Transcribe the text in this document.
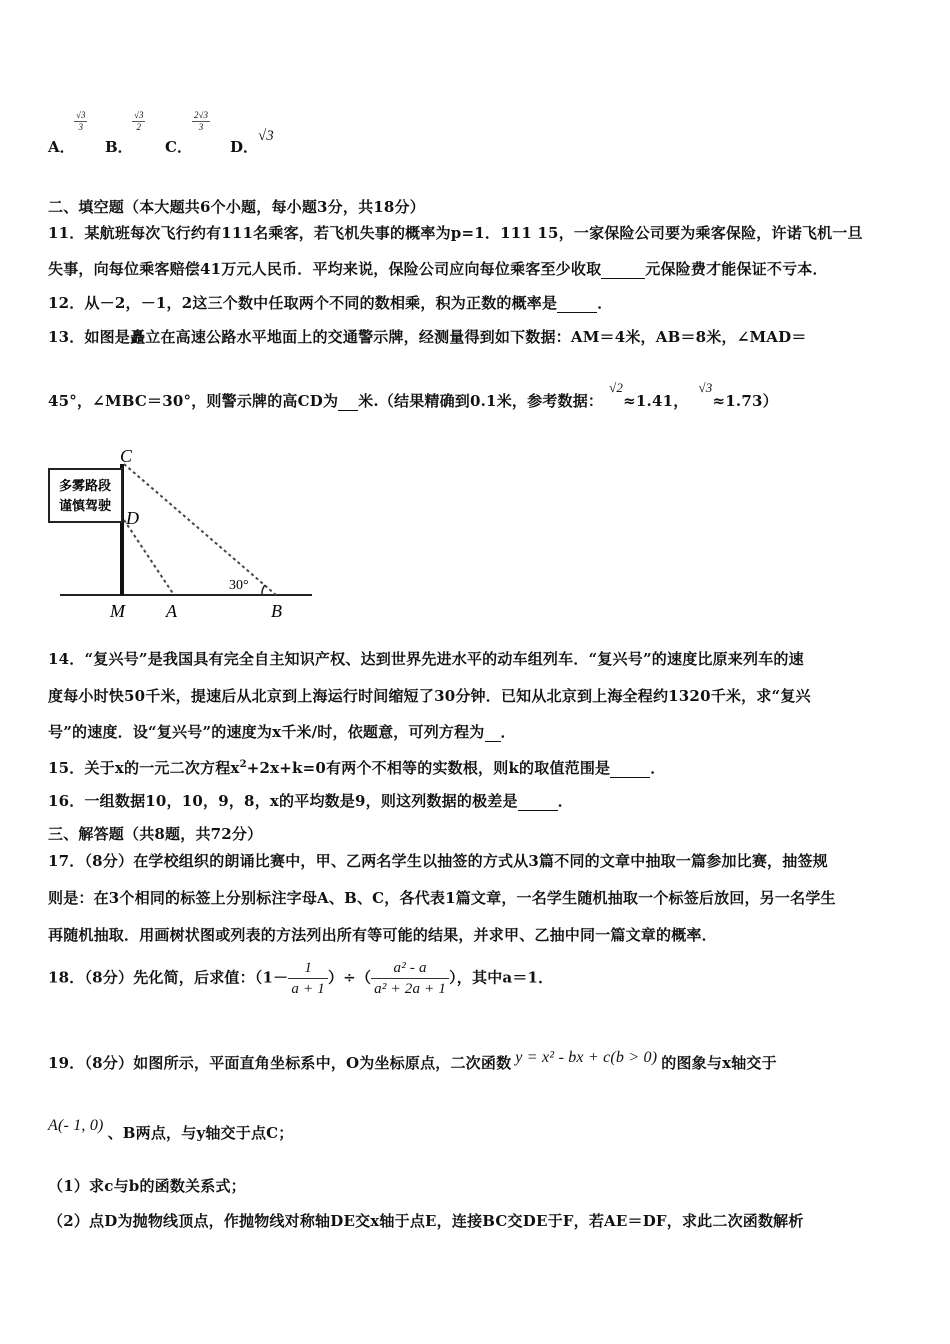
A．
$\frac{√3}{3}$
B．
$\frac{√3}{2}$
C．
$\frac{2√3}{3}$
D．
√3
二、填空题（本大题共6个小题，每小题3分，共18分）
11．某航班每次飞行约有111名乘客，若飞机失事的概率为p=1．111 15，一家保险公司要为乘客保险，许诺飞机一旦
失事，向每位乘客赔偿41万元人民币．平均来说，保险公司应向每位乘客至少收取	元保险费才能保证不亏本．
12．从－2，－1，2这三个数中任取两个不同的数相乘，积为正数的概率是	．
13．如图是矗立在高速公路水平地面上的交通警示牌，经测量得到如下数据：AM＝4米，AB＝8米，∠MAD＝
45°，∠MBC＝30°，则警示牌的高CD为 米.（结果精确到0.1米，参考数据：√2≈1.41，√3≈1.73）
多雾路段
谨慎驾驶
C
D
M A	B
30°
14．“复兴号”是我国具有完全自主知识产权、达到世界先进水平的动车组列车．“复兴号”的速度比原来列车的速
度每小时快50千米，提速后从北京到上海运行时间缩短了30分钟．已知从北京到上海全程约1320千米，求“复兴
号”的速度．设“复兴号”的速度为x千米/时，依题意，可列方程为 ．
15．关于x的一元二次方程$x^2+2x+k=0$有两个不相等的实数根，则k的取值范围是	．
16．一组数据10，10，9，8，x的平均数是9，则这列数据的极差是	．
三、解答题（共8题，共72分）
17．（8分）在学校组织的朗诵比赛中，甲、乙两名学生以抽签的方式从3篇不同的文章中抽取一篇参加比赛，抽签规
则是：在3个相同的标签上分别标注字母A、B、C，各代表1篇文章，一名学生随机抽取一个标签后放回，另一名学生
再随机抽取．用画树状图或列表的方法列出所有等可能的结果，并求甲、乙抽中同一篇文章的概率．
18．（8分）先化简，后求值：（$1- \frac{1}{a + 1}$ ）÷（ $\frac{\text{a² - a}}{\text{a² + 2a + 1}}$ ），其中a＝1．
19．（8分）如图所示，平面直角坐标系中，O为坐标原点，二次函数 y = x² - bx + c(b > 0) 的图象与x轴交于
A(- 1, 0) 、B两点，与y轴交于点C；
（1）求c与b的函数关系式；
（2）点D为抛物线顶点，作抛物线对称轴DE交x轴于点E，连接BC交DE于F，若AE＝DF，求此二次函数解析
